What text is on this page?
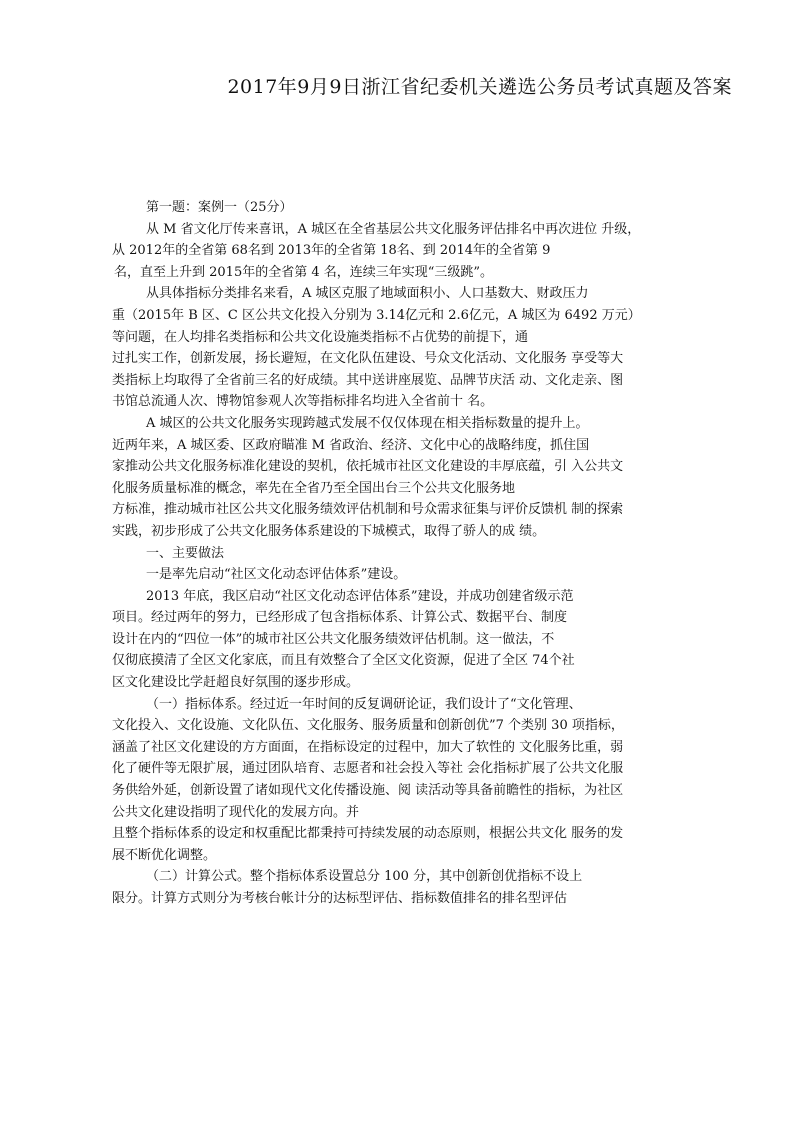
2017年9月9日浙江省纪委机关遴选公务员考试真题及答案
第一题：案例一（25分）
从 M 省文化厅传来喜讯，A 城区在全省基层公共文化服务评估排名中再次进位 升级，
从 2012年的全省第 68名到 2013年的全省第 18名、到 2014年的全省第 9
名，直至上升到 2015年的全省第 4 名，连续三年实现“三级跳”。
从具体指标分类排名来看，A 城区克服了地域面积小、人口基数大、财政压力
重（2015年 B 区、C 区公共文化投入分别为 3.14亿元和 2.6亿元，A 城区为 6492 万元）
等问题，在人均排名类指标和公共文化设施类指标不占优势的前提下，通
过扎实工作，创新发展，扬长避短，在文化队伍建设、号众文化活动、文化服务 享受等大
类指标上均取得了全省前三名的好成绩。其中送讲座展览、品牌节庆活 动、文化走亲、图
书馆总流通人次、博物馆参观人次等指标排名均进入全省前十 名。
A 城区的公共文化服务实现跨越式发展不仅仅体现在相关指标数量的提升上。
近两年来，A 城区委、区政府瞄准 M 省政治、经济、文化中心的战略纬度，抓住国
家推动公共文化服务标准化建设的契机，依托城市社区文化建设的丰厚底蕴，引 入公共文
化服务质量标准的概念，率先在全省乃至全国出台三个公共文化服务地
方标准，推动城市社区公共文化服务绩效评估机制和号众需求征集与评价反馈机 制的探索
实践，初步形成了公共文化服务体系建设的下城模式，取得了骄人的成 绩。
一、主要做法
一是率先启动“社区文化动态评估体系”建设。
2013 年底，我区启动“社区文化动态评估体系”建设，并成功创建省级示范
项目。经过两年的努力，已经形成了包含指标体系、计算公式、数据平台、制度
设计在内的“四位一体”的城市社区公共文化服务绩效评估机制。这一做法，不
仅彻底摸清了全区文化家底，而且有效整合了全区文化资源，促进了全区 74个社
区文化建设比学赶超良好氛围的逐步形成。
（一）指标体系。经过近一年时间的反复调研论证，我们设计了“文化管理、
文化投入、文化设施、文化队伍、文化服务、服务质量和创新创优”7 个类别 30 项指标，
涵盖了社区文化建设的方方面面，在指标设定的过程中，加大了软性的 文化服务比重，弱
化了硬件等无限扩展，通过团队培育、志愿者和社会投入等社 会化指标扩展了公共文化服
务供给外延，创新设置了诸如现代文化传播设施、阅 读活动等具备前瞻性的指标，为社区
公共文化建设指明了现代化的发展方向。并
且整个指标体系的设定和权重配比都秉持可持续发展的动态原则，根据公共文化 服务的发
展不断优化调整。
（二）计算公式。整个指标体系设置总分 100 分，其中创新创优指标不设上
限分。计算方式则分为考核台帐计分的达标型评估、指标数值排名的排名型评估
